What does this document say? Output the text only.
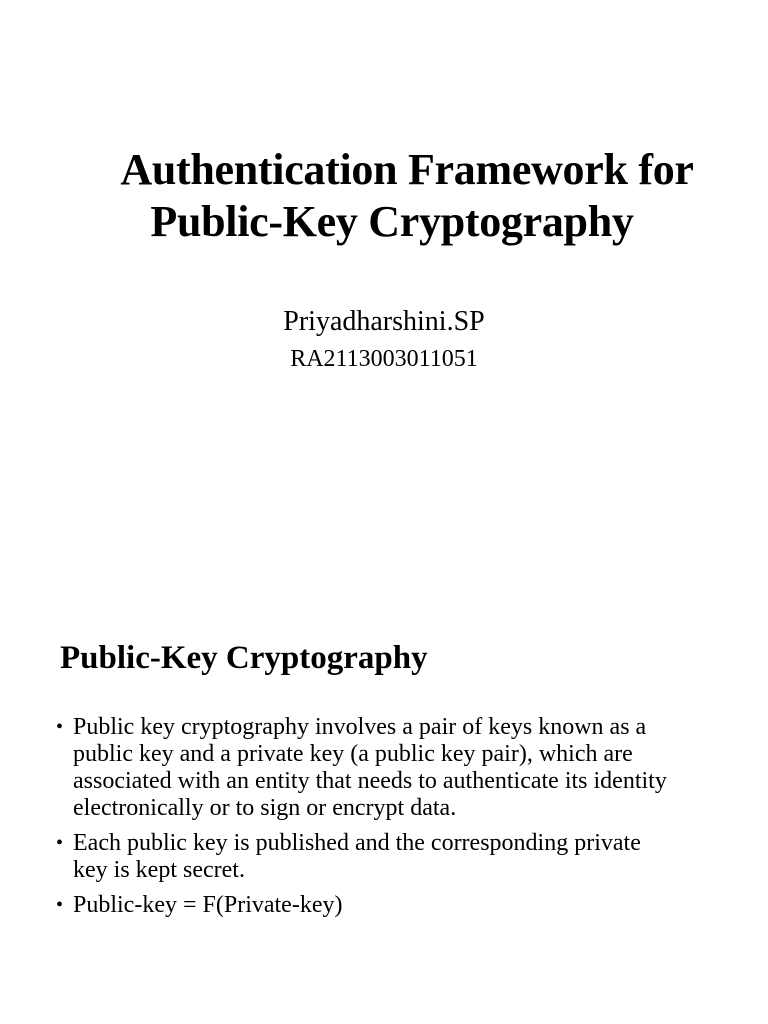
Authentication Framework for
Public-Key Cryptography
Priyadharshini.SP
RA2113003011051
Public-Key Cryptography
• Public key cryptography involves a pair of keys known as a public key and a private key (a public key pair), which are associated with an entity that needs to authenticate its identity electronically or to sign or encrypt data.
• Each public key is published and the corresponding private key is kept secret.
• Public-key = F(Private-key)
